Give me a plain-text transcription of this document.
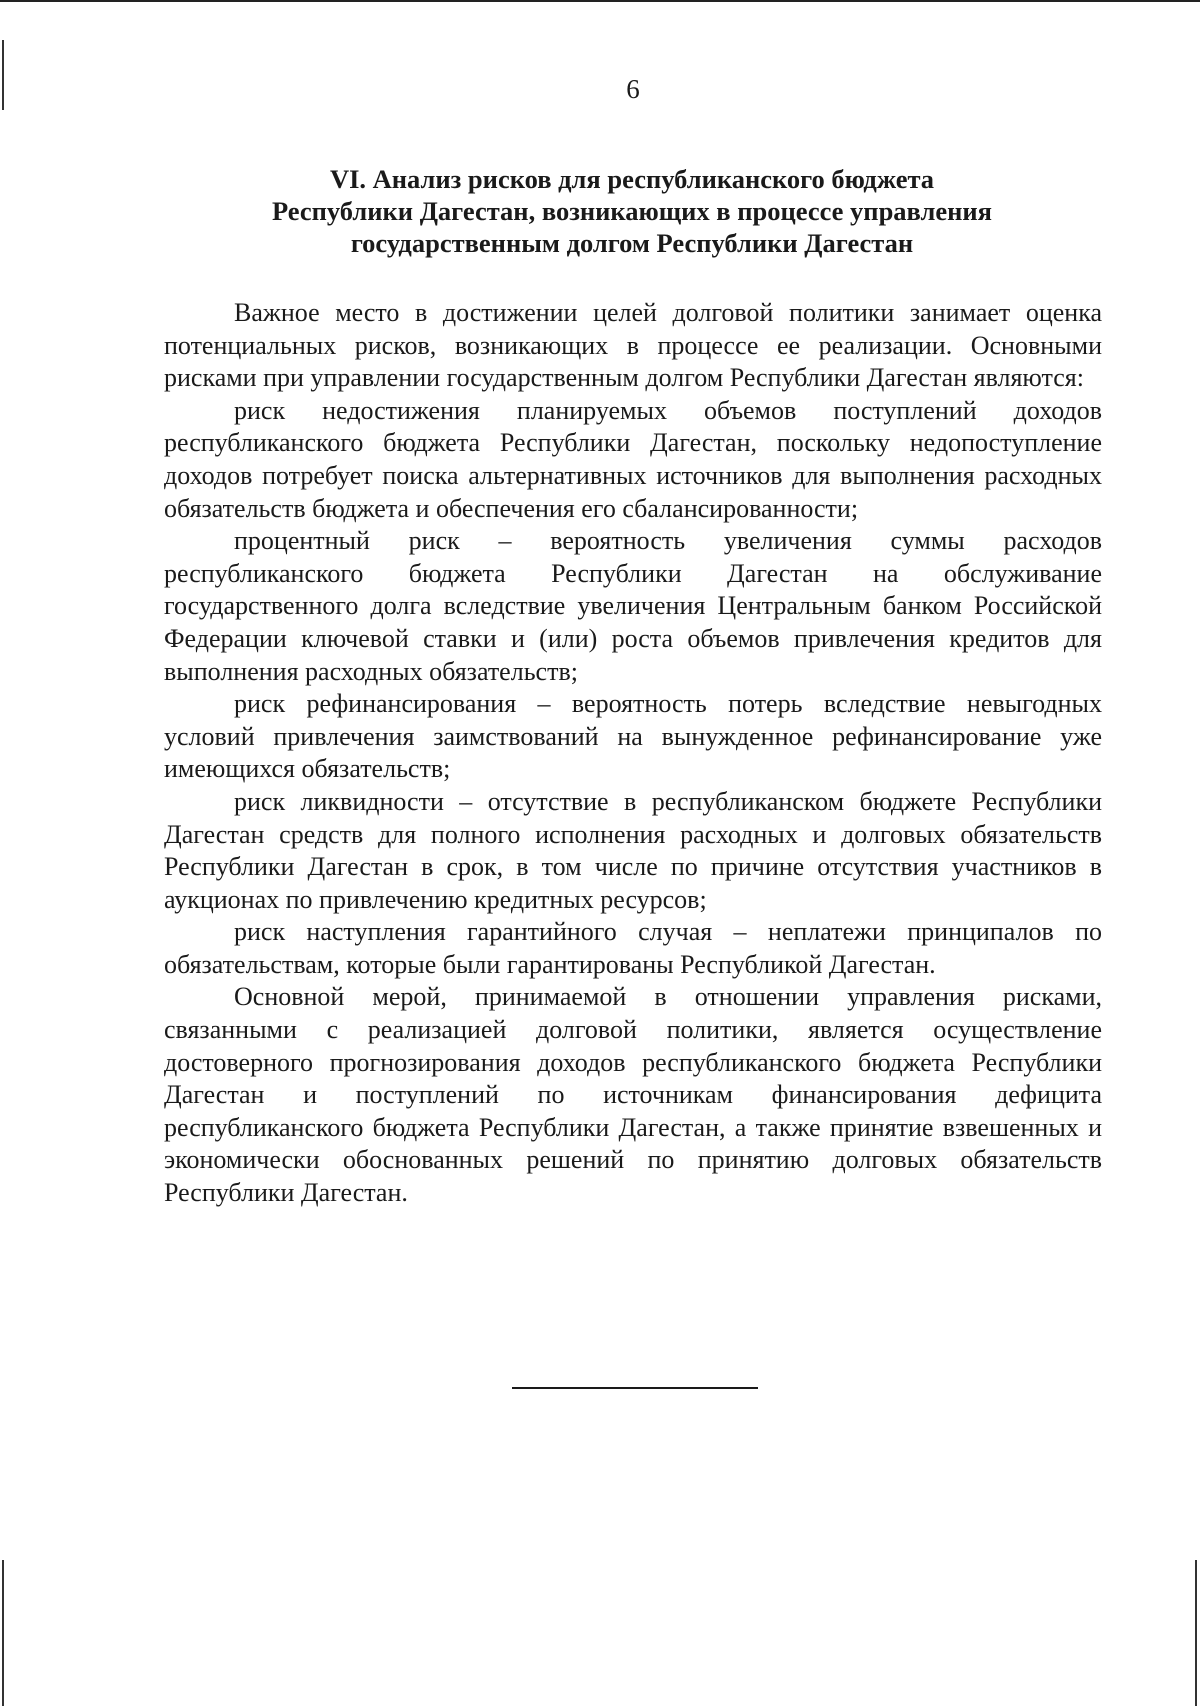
6
VI. Анализ рисков для республиканского бюджета
Республики Дагестан, возникающих в процессе управления
государственным долгом Республики Дагестан

Важное место в достижении целей долговой политики занимает оценка потенциальных рисков, возникающих в процессе ее реализации. Основными рисками при управлении государственным долгом Республики Дагестан являются:

риск недостижения планируемых объемов поступлений доходов республиканского бюджета Республики Дагестан, поскольку недопоступление доходов потребует поиска альтернативных источников для выполнения расходных обязательств бюджета и обеспечения его сбалансированности;

процентный риск – вероятность увеличения суммы расходов республиканского бюджета Республики Дагестан на обслуживание государственного долга вследствие увеличения Центральным банком Российской Федерации ключевой ставки и (или) роста объемов привлечения кредитов для выполнения расходных обязательств;

риск рефинансирования – вероятность потерь вследствие невыгодных условий привлечения заимствований на вынужденное рефинансирование уже имеющихся обязательств;

риск ликвидности – отсутствие в республиканском бюджете Республики Дагестан средств для полного исполнения расходных и долговых обязательств Республики Дагестан в срок, в том числе по причине отсутствия участников в аукционах по привлечению кредитных ресурсов;

риск наступления гарантийного случая – неплатежи принципалов по обязательствам, которые были гарантированы Республикой Дагестан.

Основной мерой, принимаемой в отношении управления рисками, связанными с реализацией долговой политики, является осуществление достоверного прогнозирования доходов республиканского бюджета Республики Дагестан и поступлений по источникам финансирования дефицита республиканского бюджета Республики Дагестан, а также принятие взвешенных и экономически обоснованных решений по принятию долговых обязательств Республики Дагестан.
